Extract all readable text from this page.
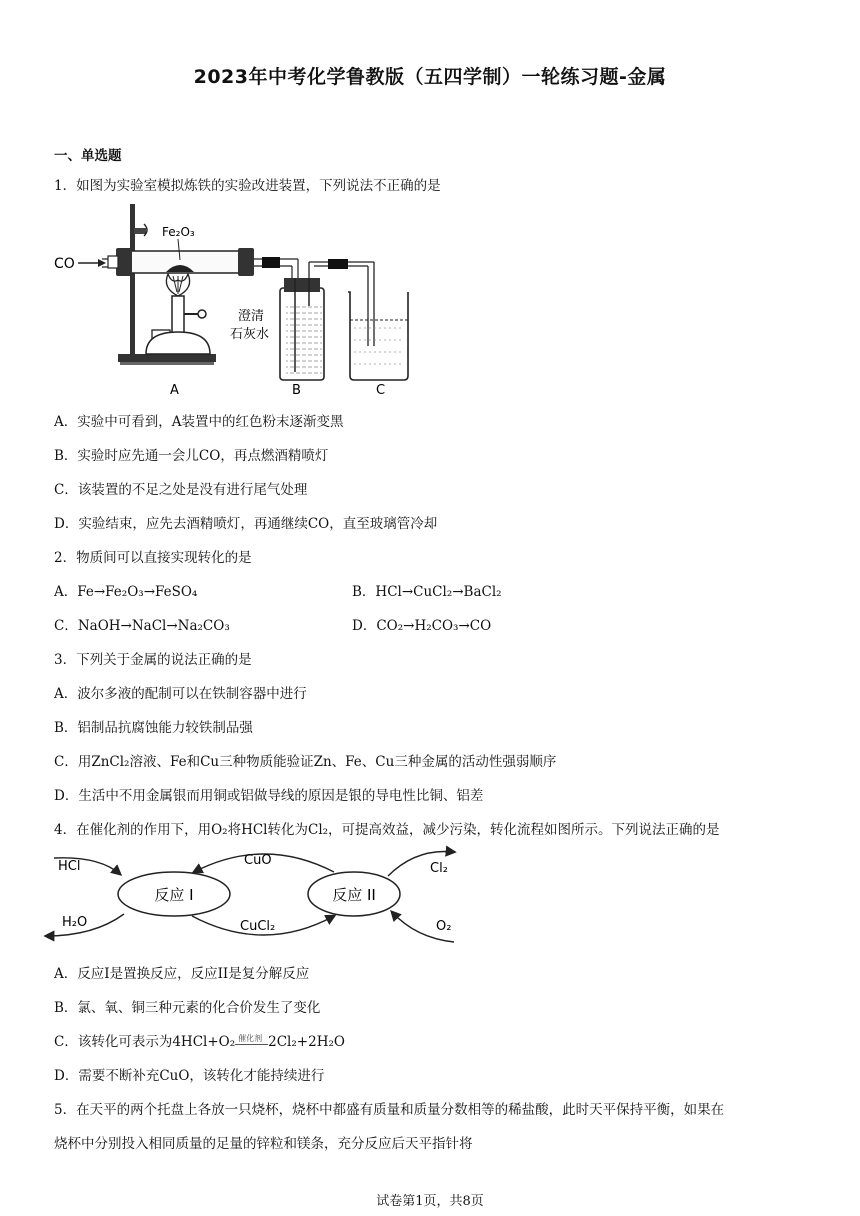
2023年中考化学鲁教版（五四学制）一轮练习题-金属
一、单选题
1．如图为实验室模拟炼铁的实验改进装置，下列说法不正确的是
CO
Fe₂O₃
澄清
石灰水
A	B	C
A．实验中可看到，A装置中的红色粉末逐渐变黑
B．实验时应先通一会儿CO，再点燃酒精喷灯
C．该装置的不足之处是没有进行尾气处理
D．实验结束，应先去酒精喷灯，再通继续CO，直至玻璃管冷却
2．物质间可以直接实现转化的是
A．Fe→Fe₂O₃→FeSO₄	B．HCl→CuCl₂→BaCl₂
C．NaOH→NaCl→Na₂CO₃	D．CO₂→H₂CO₃→CO
3．下列关于金属的说法正确的是
A．波尔多液的配制可以在铁制容器中进行
B．铝制品抗腐蚀能力较铁制品强
C．用ZnCl₂溶液、Fe和Cu三种物质能验证Zn、Fe、Cu三种金属的活动性强弱顺序
D．生活中不用金属银而用铜或铝做导线的原因是银的导电性比铜、铝差
4．在催化剂的作用下，用O₂将HCl转化为Cl₂，可提高效益，减少污染，转化流程如图所示。下列说法正确的是
反应 I	反应 II
CuO
CuCl₂
HCl
H₂O
Cl₂
O₂
A．反应I是置换反应，反应II是复分解反应
B．氯、氧、铜三种元素的化合价发生了变化
C．该转化可表示为4HCl+O₂ 催化剂 2Cl₂+2H₂O
D．需要不断补充CuO，该转化才能持续进行
5．在天平的两个托盘上各放一只烧杯，烧杯中都盛有质量和质量分数相等的稀盐酸，此时天平保持平衡，如果在
烧杯中分别投入相同质量的足量的锌粒和镁条，充分反应后天平指针将
试卷第1页，共8页
